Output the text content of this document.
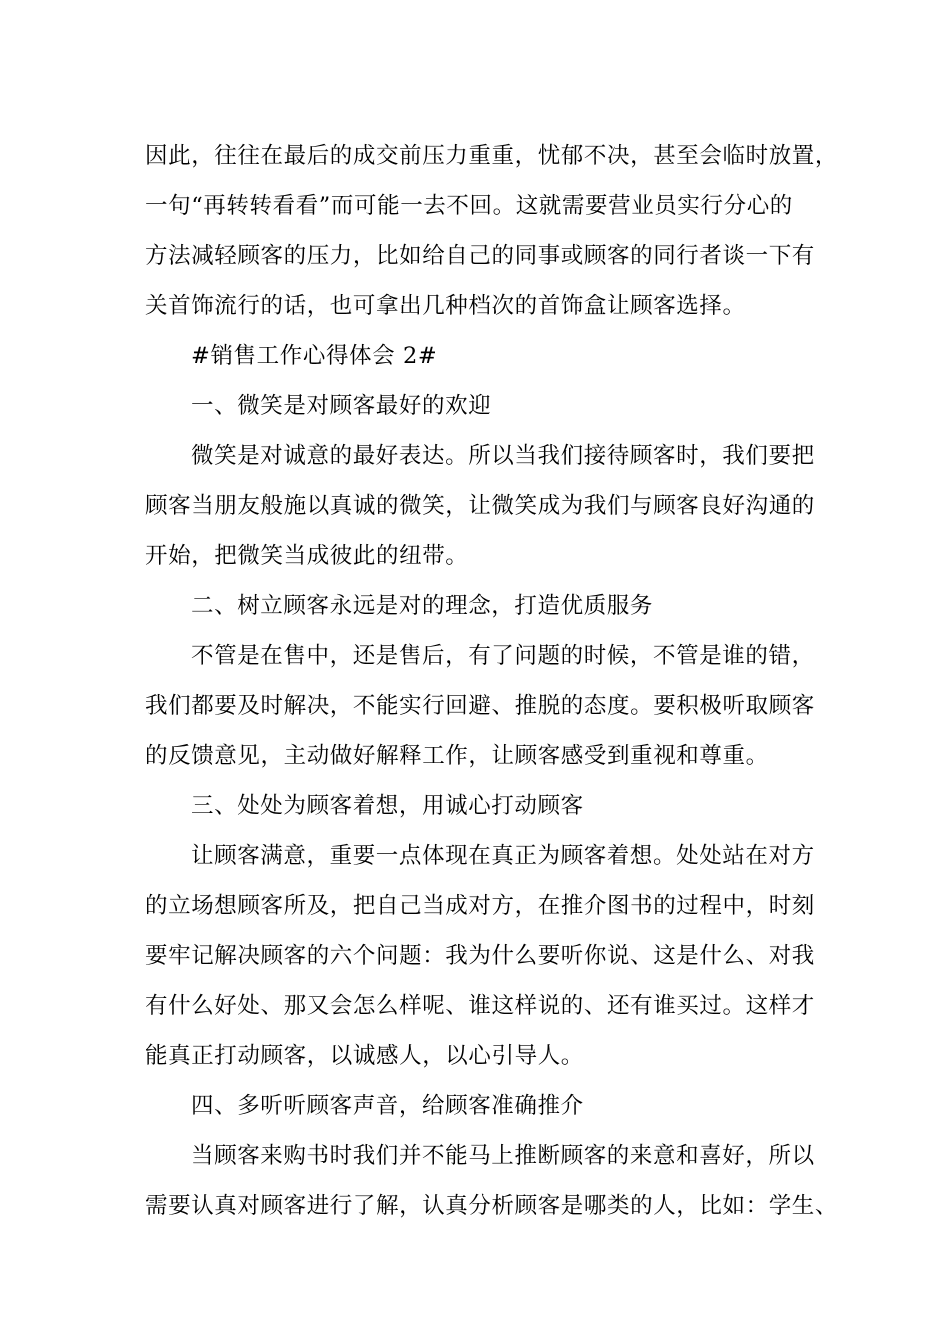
因此，往往在最后的成交前压力重重，忧郁不决，甚至会临时放置，
一句“再转转看看”而可能一去不回。这就需要营业员实行分心的
方法减轻顾客的压力，比如给自己的同事或顾客的同行者谈一下有
关首饰流行的话，也可拿出几种档次的首饰盒让顾客选择。
#销售工作心得体会 2#
一、微笑是对顾客最好的欢迎
微笑是对诚意的最好表达。所以当我们接待顾客时，我们要把
顾客当朋友般施以真诚的微笑，让微笑成为我们与顾客良好沟通的
开始，把微笑当成彼此的纽带。
二、树立顾客永远是对的理念，打造优质服务
不管是在售中，还是售后，有了问题的时候，不管是谁的错，
我们都要及时解决，不能实行回避、推脱的态度。要积极听取顾客
的反馈意见，主动做好解释工作，让顾客感受到重视和尊重。
三、处处为顾客着想，用诚心打动顾客
让顾客满意，重要一点体现在真正为顾客着想。处处站在对方
的立场想顾客所及，把自己当成对方，在推介图书的过程中，时刻
要牢记解决顾客的六个问题：我为什么要听你说、这是什么、对我
有什么好处、那又会怎么样呢、谁这样说的、还有谁买过。这样才
能真正打动顾客，以诚感人，以心引导人。
四、多听听顾客声音，给顾客准确推介
当顾客来购书时我们并不能马上推断顾客的来意和喜好，所以
需要认真对顾客进行了解，认真分析顾客是哪类的人，比如：学生、
